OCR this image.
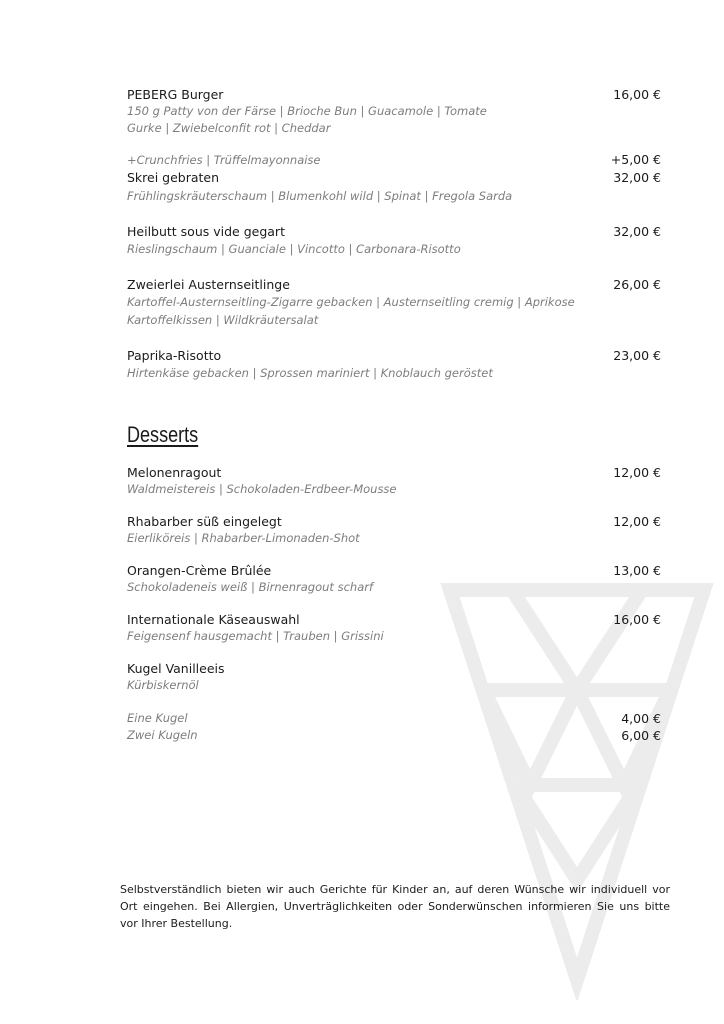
PEBERG Burger	16,00 €
150 g Patty von der Färse | Brioche Bun | Guacamole | Tomate
Gurke | Zwiebelconfit rot | Cheddar
+Crunchfries | Trüffelmayonnaise	+5,00 €
Skrei gebraten	32,00 €
Frühlingskräuterschaum | Blumenkohl wild | Spinat | Fregola Sarda
Heilbutt sous vide gegart	32,00 €
Rieslingschaum | Guanciale | Vincotto | Carbonara-Risotto
Zweierlei Austernseitlinge	26,00 €
Kartoffel-Austernseitling-Zigarre gebacken | Austernseitling cremig | Aprikose
Kartoffelkissen | Wildkräutersalat
Paprika-Risotto	23,00 €
Hirtenkäse gebacken | Sprossen mariniert | Knoblauch geröstet
Desserts
Melonenragout	12,00 €
Waldmeistereis | Schokoladen-Erdbeer-Mousse
Rhabarber süß eingelegt	12,00 €
Eierlikörеis | Rhabarber-Limonaden-Shot
Orangen-Crème Brûlée	13,00 €
Schokoladeneis weiß | Birnenragout scharf
Internationale Käseauswahl	16,00 €
Feigensenf hausgemacht | Trauben | Grissini
Kugel Vanilleeis
Kürbiskernöl
Eine Kugel	4,00 €
Zwei Kugeln	6,00 €
Selbstverständlich bieten wir auch Gerichte für Kinder an, auf deren Wünsche wir individuell vor Ort eingehen. Bei Allergien, Unverträglichkeiten oder Sonderwünschen informieren Sie uns bitte vor Ihrer Bestellung.
